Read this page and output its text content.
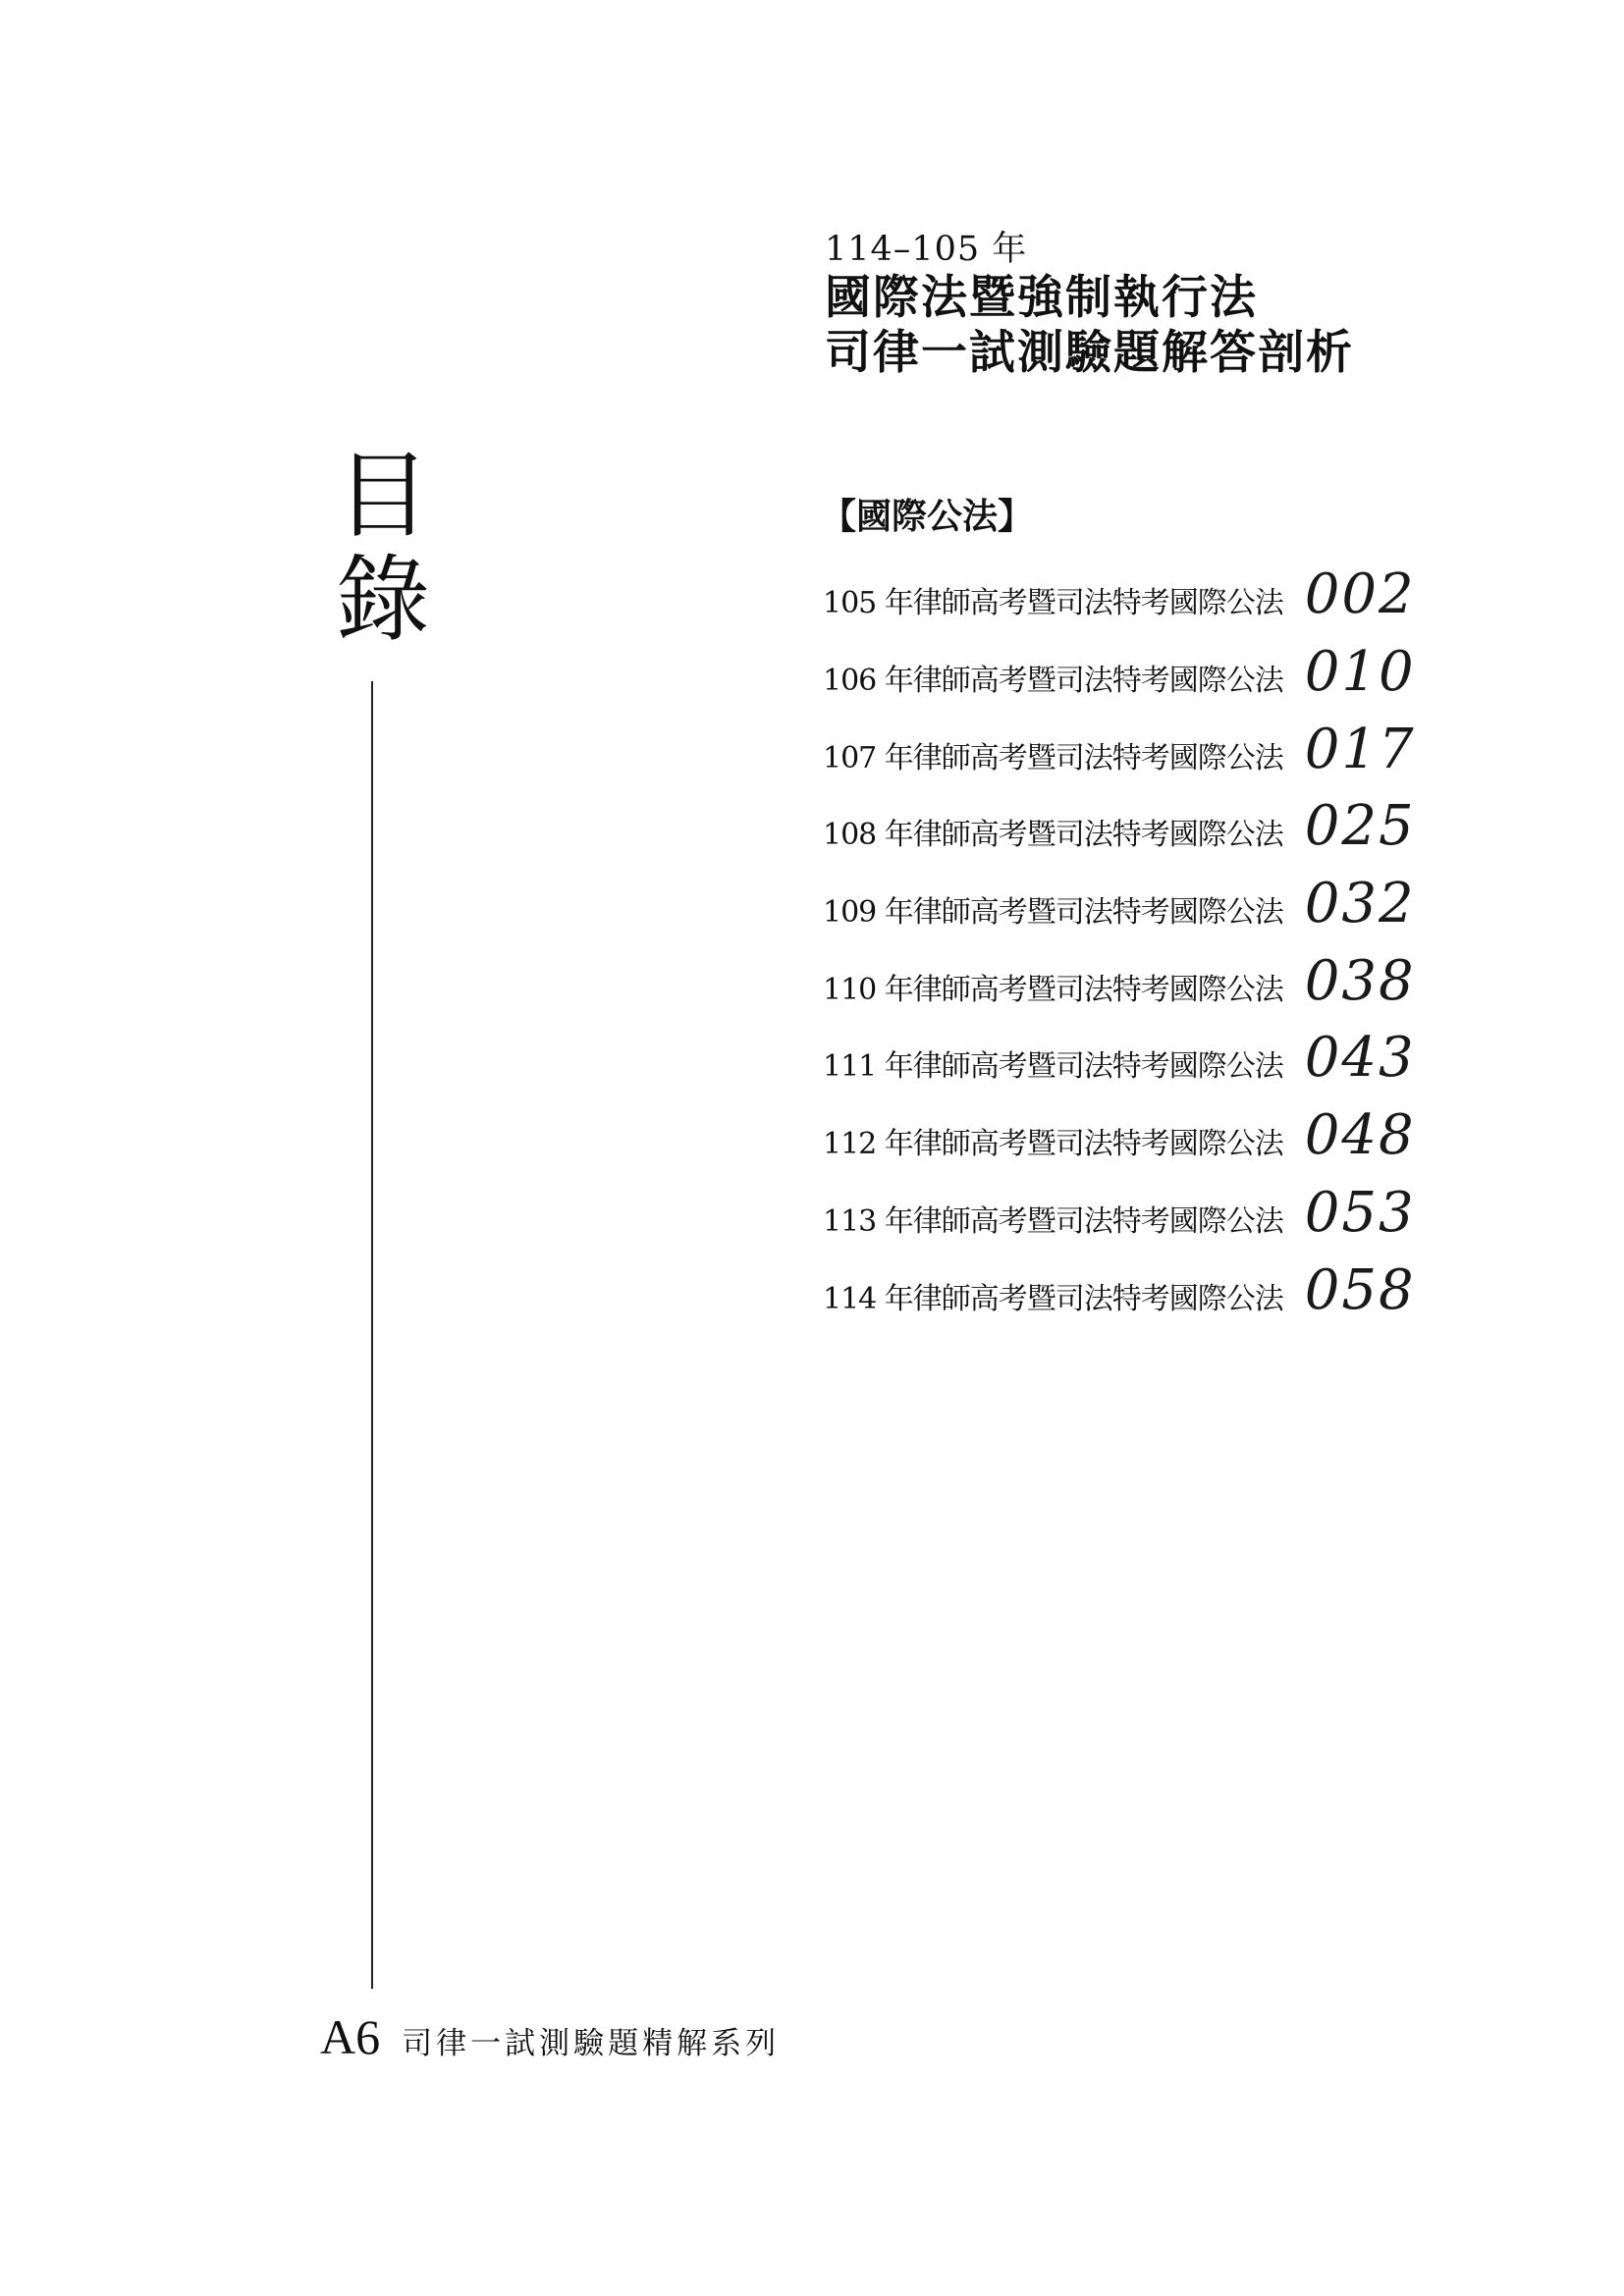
目
錄
114–105 年
國際法暨強制執行法
司律一試測驗題解答剖析
【國際公法】
105 年律師高考暨司法特考國際公法 002
106 年律師高考暨司法特考國際公法 010
107 年律師高考暨司法特考國際公法 017
108 年律師高考暨司法特考國際公法 025
109 年律師高考暨司法特考國際公法 032
110 年律師高考暨司法特考國際公法 038
111 年律師高考暨司法特考國際公法 043
112 年律師高考暨司法特考國際公法 048
113 年律師高考暨司法特考國際公法 053
114 年律師高考暨司法特考國際公法 058
A6 司律一試測驗題精解系列
